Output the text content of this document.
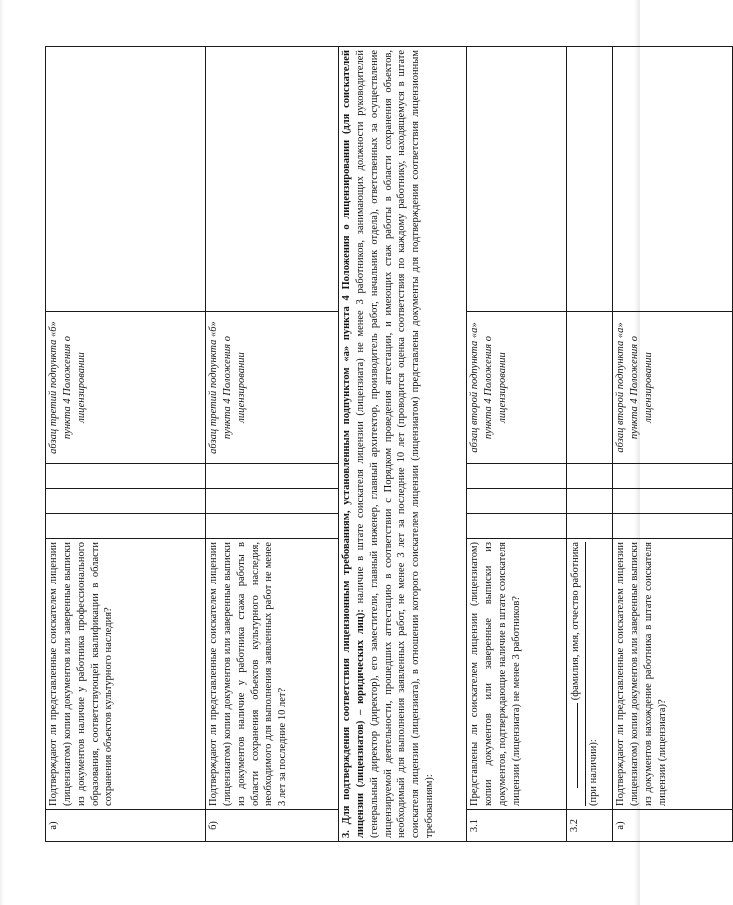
а)	Подтверждают ли представленные соискателем лицензии (лицензиатом) копии документов или заверенные выписки из документов наличие у работника профессионального образования, соответствующей квалификации в области сохранения объектов культурного наследия?				абзац третий подпункта «б» пункта 4 Положения о лицензировании	
б)	Подтверждают ли представленные соискателем лицензии (лицензиатом) копии документов или заверенные выписки из документов наличие у работника стажа работы в области сохранения объектов культурного наследия, необходимого для выполнения заявленных работ не менее 3 лет за последние 10 лет?				абзац третий подпункта «б» пункта 4 Положения о лицензировании	
3. Для подтверждения соответствия лицензионным требованиям, установленным подпунктом «а» пункта 4 Положения о лицензировании (для соискателей лицензии (лицензиатов) – юридических лиц): наличие в штате соискателя лицензии (лицензиата) не менее 3 работников, занимающих должности руководителей (генеральный директор (директор), его заместители, главный инженер, главный архитектор, производитель работ, начальник отдела), ответственных за осуществление лицензируемой деятельности, прошедших аттестацию в соответствии с Порядком проведения аттестации, и имеющих стаж работы в области сохранения объектов, необходимый для выполнения заявленных работ, не менее 3 лет за последние 10 лет (проводится оценка соответствия по каждому работнику, находящемуся в штате соискателя лицензии (лицензиата), в отношении которого соискателем лицензии (лицензиатом) представлены документы для подтверждения соответствия лицензионным требованиям):						
3.1	Представлены ли соискателем лицензии (лицензиатом) копии документов или заверенные выписки из документов, подтверждающие наличие в штате соискателя лицензии (лицензиата) не менее 3 работников?				абзац второй подпункта «а» пункта 4 Положения о лицензировании	
3.2	(фамилия, имя, отчество работника
(при наличии):					

а)	Подтверждают ли представленные соискателем лицензии (лицензиатом) копии документов или заверенные выписки из документов нахождение работника в штате соискателя лицензии (лицензиата)?				абзац второй подпункта «а» пункта 4 Положения о лицензировании	
